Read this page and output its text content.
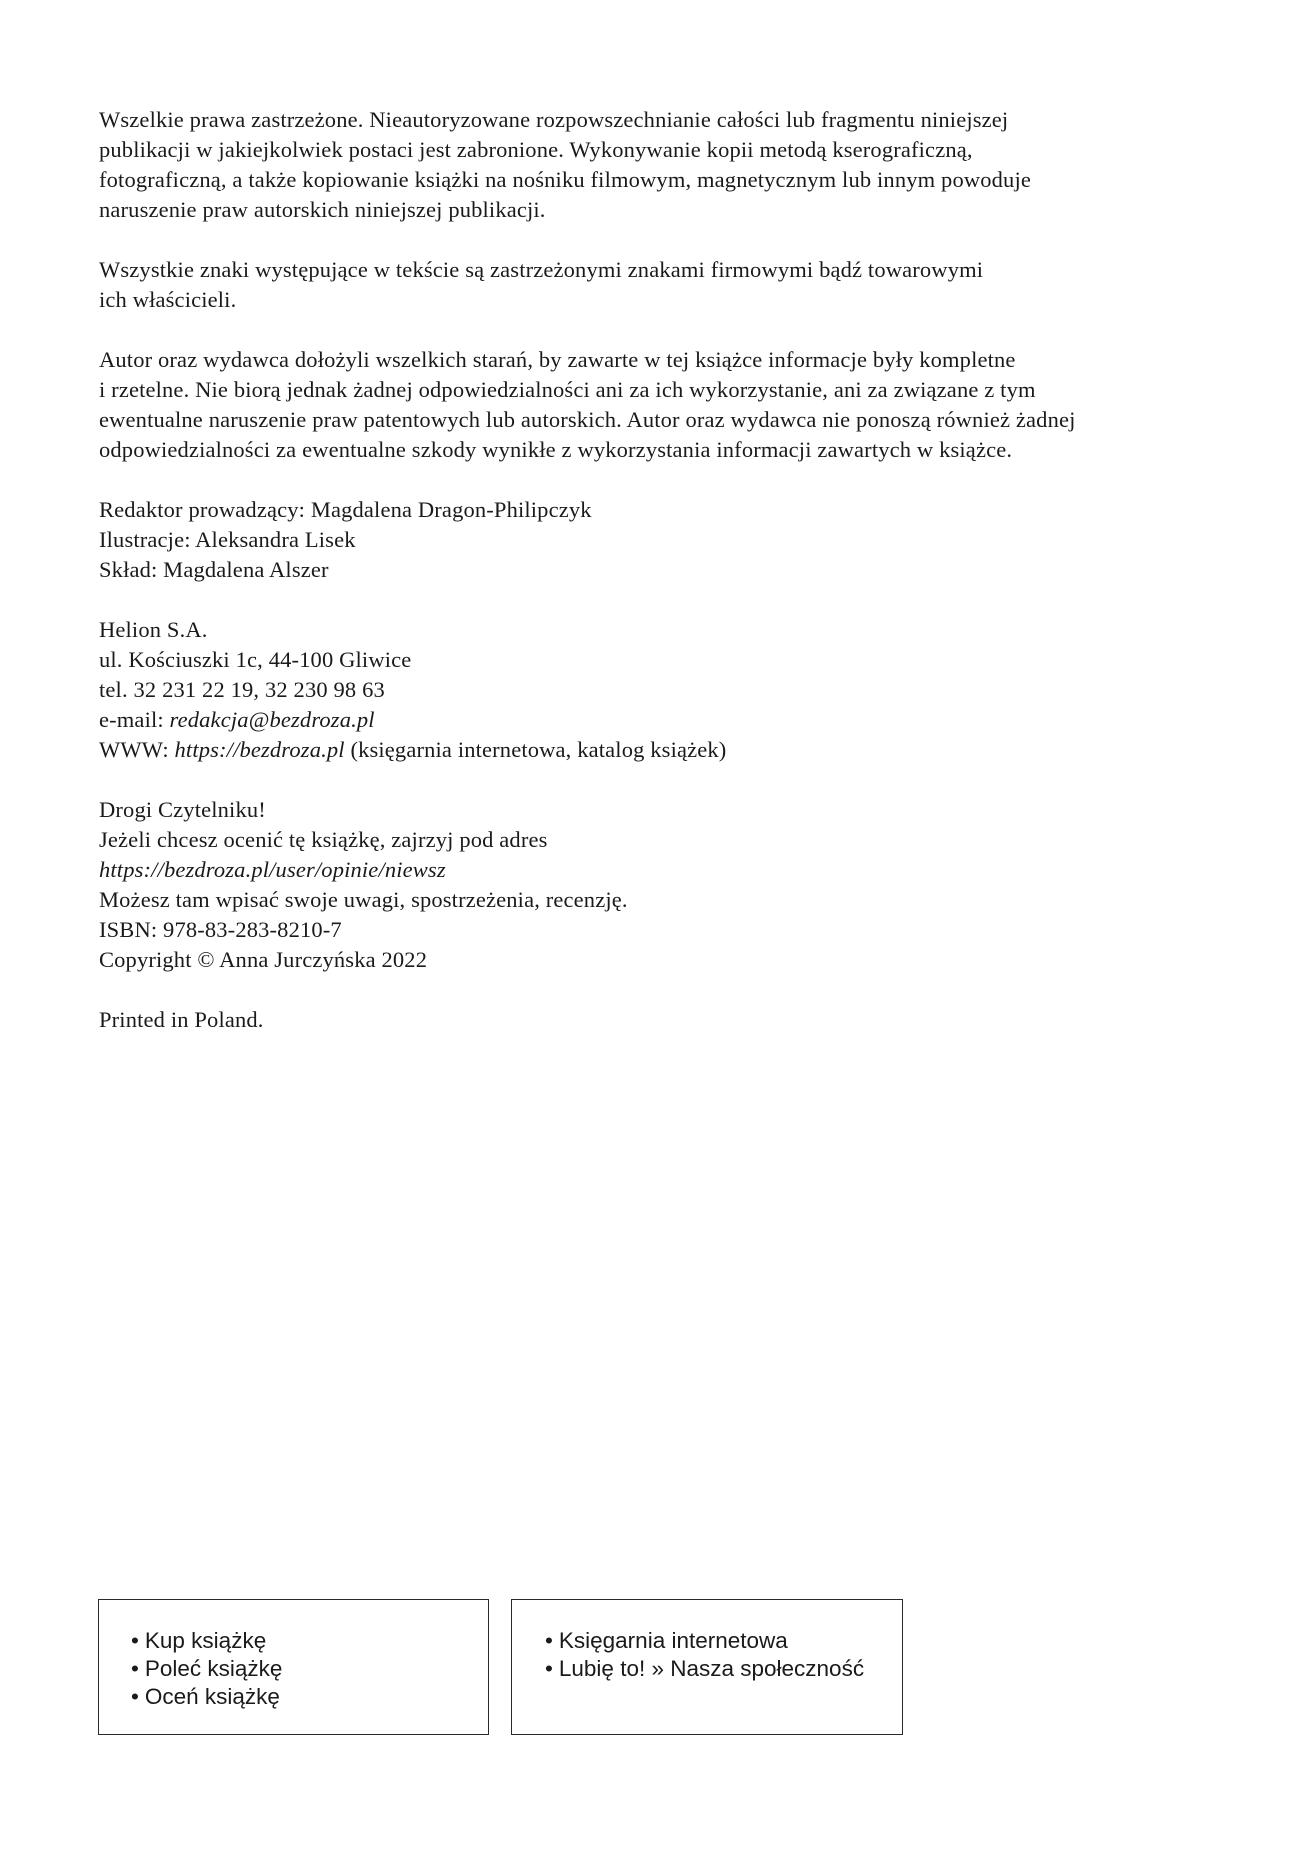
Wszelkie prawa zastrzeżone. Nieautoryzowane rozpowszechnianie całości lub fragmentu niniejszej
publikacji w jakiejkolwiek postaci jest zabronione. Wykonywanie kopii metodą kserograficzną,
fotograficzną, a także kopiowanie książki na nośniku filmowym, magnetycznym lub innym powoduje
naruszenie praw autorskich niniejszej publikacji.
Wszystkie znaki występujące w tekście są zastrzeżonymi znakami firmowymi bądź towarowymi
ich właścicieli.
Autor oraz wydawca dołożyli wszelkich starań, by zawarte w tej książce informacje były kompletne
i rzetelne. Nie biorą jednak żadnej odpowiedzialności ani za ich wykorzystanie, ani za związane z tym
ewentualne naruszenie praw patentowych lub autorskich. Autor oraz wydawca nie ponoszą również żadnej
odpowiedzialności za ewentualne szkody wynikłe z wykorzystania informacji zawartych w książce.
Redaktor prowadzący: Magdalena Dragon-Philipczyk
Ilustracje: Aleksandra Lisek
Skład: Magdalena Alszer
Helion S.A.
ul. Kościuszki 1c, 44-100 Gliwice
tel. 32 231 22 19, 32 230 98 63
e-mail: redakcja@bezdroza.pl
WWW: https://bezdroza.pl (księgarnia internetowa, katalog książek)
Drogi Czytelniku!
Jeżeli chcesz ocenić tę książkę, zajrzyj pod adres
https://bezdroza.pl/user/opinie/niewsz
Możesz tam wpisać swoje uwagi, spostrzeżenia, recenzję.
ISBN: 978-83-283-8210-7
Copyright © Anna Jurczyńska 2022
Printed in Poland.
• Kup książkę
• Poleć książkę
• Oceń książkę
• Księgarnia internetowa
• Lubię to! » Nasza społeczność
